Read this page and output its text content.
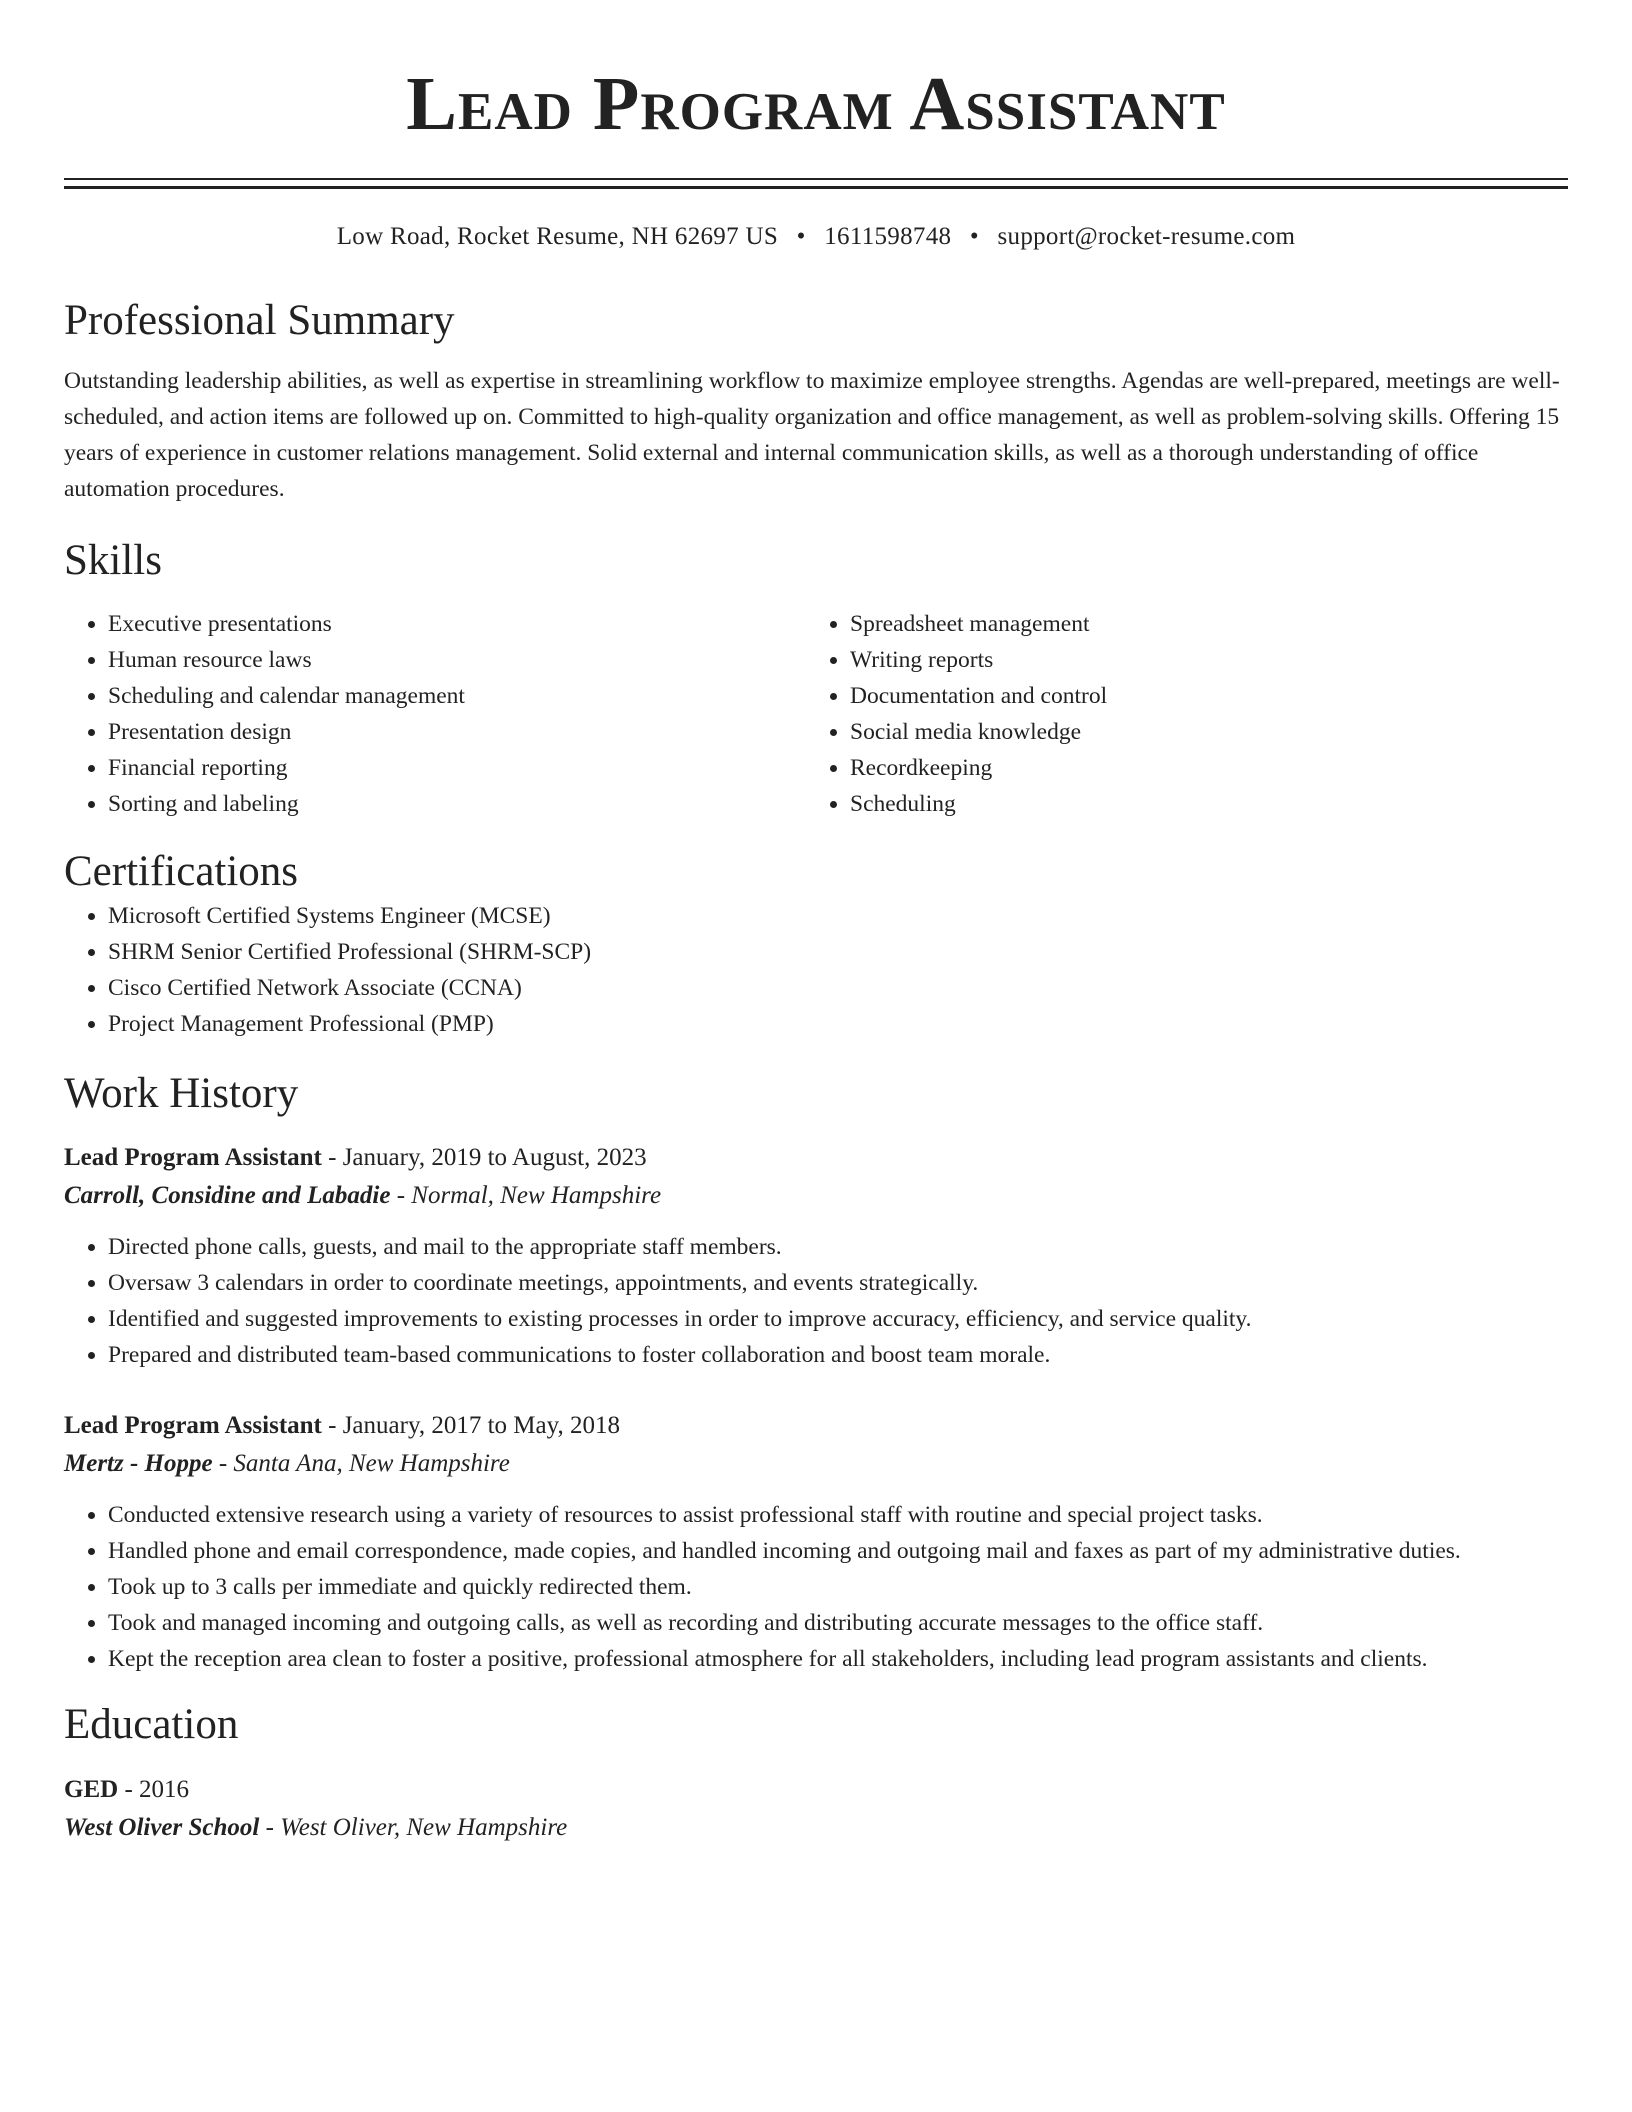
Lead Program Assistant
Low Road, Rocket Resume, NH 62697 US • 1611598748 • support@rocket-resume.com
Professional Summary
Outstanding leadership abilities, as well as expertise in streamlining workflow to maximize employee strengths. Agendas are well-prepared, meetings are well-scheduled, and action items are followed up on. Committed to high-quality organization and office management, as well as problem-solving skills. Offering 15 years of experience in customer relations management. Solid external and internal communication skills, as well as a thorough understanding of office automation procedures.
Skills
• Executive presentations
• Human resource laws
• Scheduling and calendar management
• Presentation design
• Financial reporting
• Sorting and labeling
• Spreadsheet management
• Writing reports
• Documentation and control
• Social media knowledge
• Recordkeeping
• Scheduling
Certifications
• Microsoft Certified Systems Engineer (MCSE)
• SHRM Senior Certified Professional (SHRM-SCP)
• Cisco Certified Network Associate (CCNA)
• Project Management Professional (PMP)
Work History
Lead Program Assistant - January, 2019 to August, 2023
Carroll, Considine and Labadie - Normal, New Hampshire
• Directed phone calls, guests, and mail to the appropriate staff members.
• Oversaw 3 calendars in order to coordinate meetings, appointments, and events strategically.
• Identified and suggested improvements to existing processes in order to improve accuracy, efficiency, and service quality.
• Prepared and distributed team-based communications to foster collaboration and boost team morale.
Lead Program Assistant - January, 2017 to May, 2018
Mertz - Hoppe - Santa Ana, New Hampshire
• Conducted extensive research using a variety of resources to assist professional staff with routine and special project tasks.
• Handled phone and email correspondence, made copies, and handled incoming and outgoing mail and faxes as part of my administrative duties.
• Took up to 3 calls per immediate and quickly redirected them.
• Took and managed incoming and outgoing calls, as well as recording and distributing accurate messages to the office staff.
• Kept the reception area clean to foster a positive, professional atmosphere for all stakeholders, including lead program assistants and clients.
Education
GED - 2016
West Oliver School - West Oliver, New Hampshire
